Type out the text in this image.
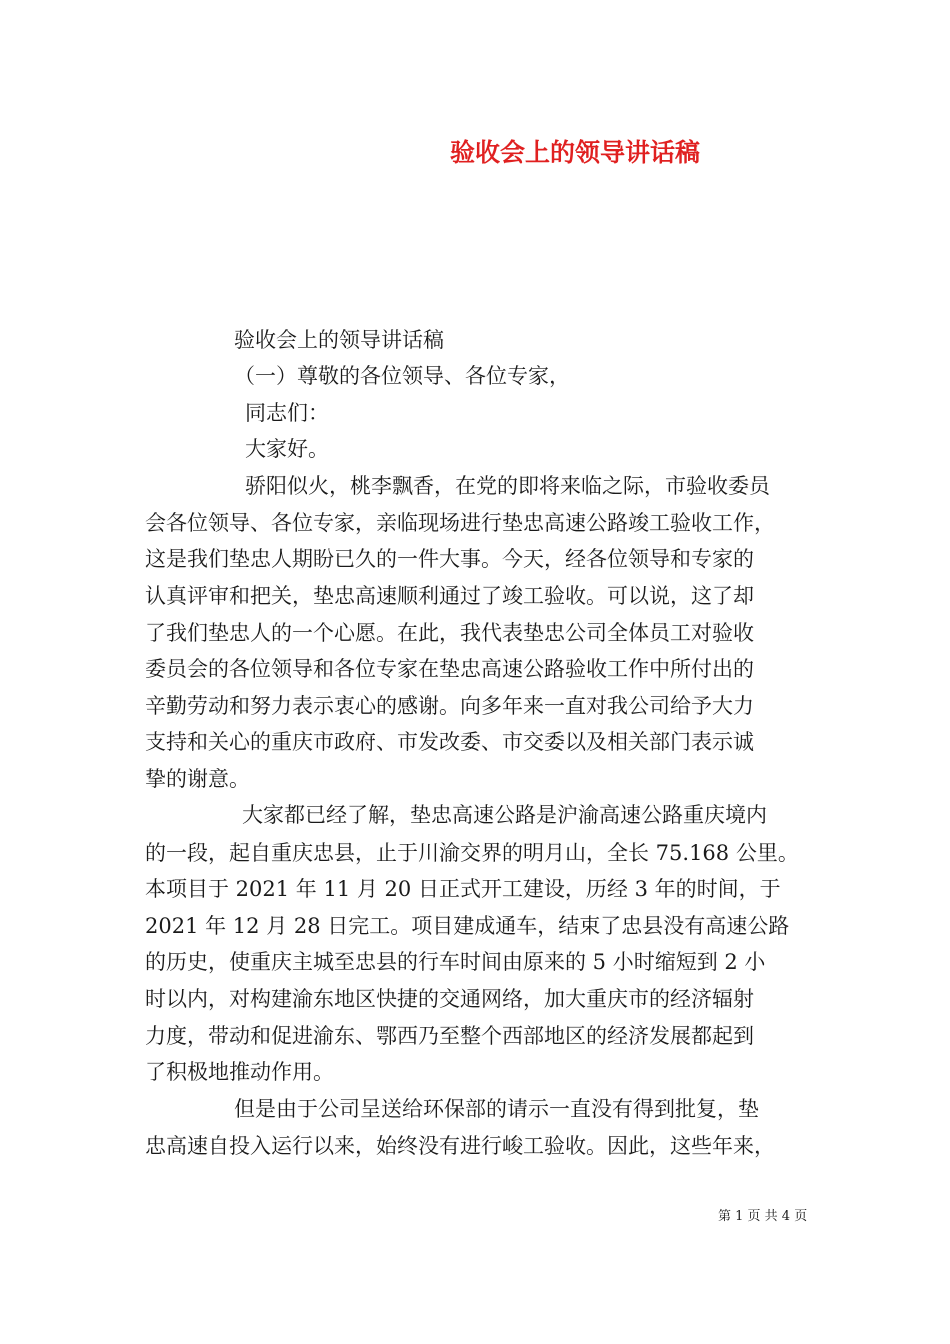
验收会上的领导讲话稿

验收会上的领导讲话稿

（一）尊敬的各位领导、各位专家，

同志们：

大家好。

骄阳似火，桃李飘香，在党的即将来临之际，市验收委员

会各位领导、各位专家，亲临现场进行垫忠高速公路竣工验收工作，

这是我们垫忠人期盼已久的一件大事。今天，经各位领导和专家的

认真评审和把关，垫忠高速顺利通过了竣工验收。可以说，这了却

了我们垫忠人的一个心愿。在此，我代表垫忠公司全体员工对验收

委员会的各位领导和各位专家在垫忠高速公路验收工作中所付出的

辛勤劳动和努力表示衷心的感谢。向多年来一直对我公司给予大力

支持和关心的重庆市政府、市发改委、市交委以及相关部门表示诚

挚的谢意。

大家都已经了解，垫忠高速公路是沪渝高速公路重庆境内

的一段，起自重庆忠县，止于川渝交界的明月山，全长 75.168 公里。

本项目于 2021 年 11 月 20 日正式开工建设，历经 3 年的时间，于

2021 年 12 月 28 日完工。项目建成通车，结束了忠县没有高速公路

的历史，使重庆主城至忠县的行车时间由原来的 5 小时缩短到 2 小

时以内，对构建渝东地区快捷的交通网络，加大重庆市的经济辐射

力度，带动和促进渝东、鄂西乃至整个西部地区的经济发展都起到

了积极地推动作用。

但是由于公司呈送给环保部的请示一直没有得到批复，垫

忠高速自投入运行以来，始终没有进行峻工验收。因此，这些年来，

第 1 页 共 4 页
